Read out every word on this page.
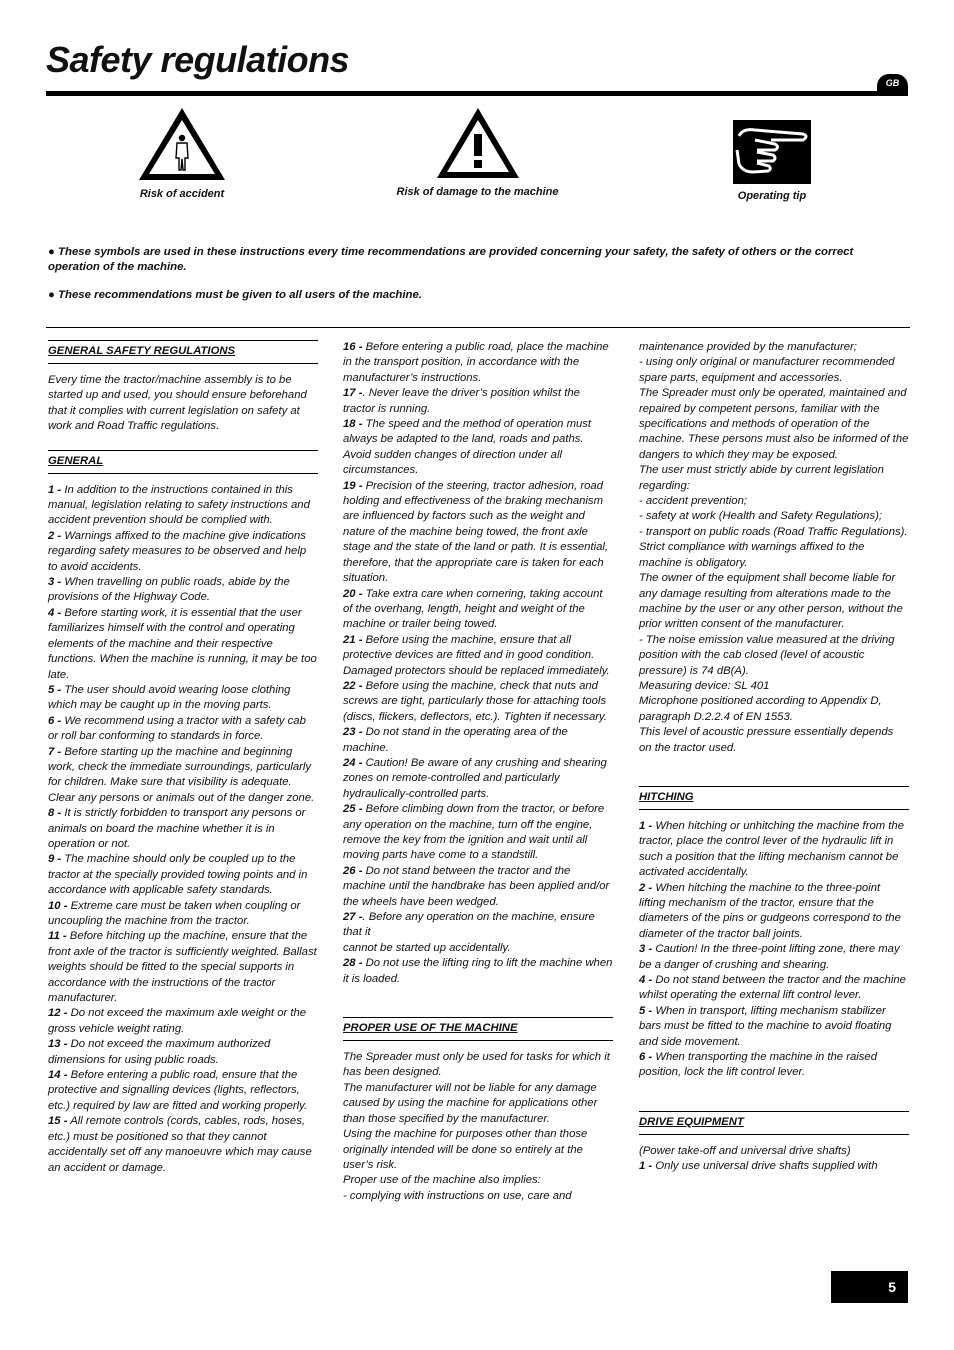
Safety regulations
GB
Risk of accident	Risk of damage to the machine	Operating tip

● These symbols are used in these instructions every time recommendations are provided concerning your safety, the safety of others or the correct operation of the machine.

● These recommendations must be given to all users of the machine.

GENERAL SAFETY REGULATIONS

Every time the tractor/machine assembly is to be started up and used, you should ensure beforehand that it complies with current legislation on safety at work and Road Traffic regulations.

GENERAL

1 - In addition to the instructions contained in this manual, legislation relating to safety instructions and accident prevention should be complied with.

2 - Warnings affixed to the machine give indications regarding safety measures to be observed and help to avoid accidents.

3 - When travelling on public roads, abide by the provisions of the Highway Code.

4 - Before starting work, it is essential that the user familiarizes himself with the control and operating elements of the machine and their respective functions. When the machine is running, it may be too late.

5 - The user should avoid wearing loose clothing which may be caught up in the moving parts.

6 - We recommend using a tractor with a safety cab or roll bar conforming to standards in force.

7 - Before starting up the machine and beginning work, check the immediate surroundings, particularly for children. Make sure that visibility is adequate. Clear any persons or animals out of the danger zone.

8 - It is strictly forbidden to transport any persons or animals on board the machine whether it is in operation or not.

9 - The machine should only be coupled up to the tractor at the specially provided towing points and in accordance with applicable safety standards.

10 - Extreme care must be taken when coupling or uncoupling the machine from the tractor.

11 - Before hitching up the machine, ensure that the front axle of the tractor is sufficiently weighted. Ballast weights should be fitted to the special supports in accordance with the instructions of the tractor manufacturer.

12 - Do not exceed the maximum axle weight or the gross vehicle weight rating.

13 - Do not exceed the maximum authorized dimensions for using public roads.

14 - Before entering a public road, ensure that the protective and signalling devices (lights, reflectors, etc.) required by law are fitted and working properly.

15 - All remote controls (cords, cables, rods, hoses, etc.) must be positioned so that they cannot accidentally set off any manoeuvre which may cause an accident or damage.

16 - Before entering a public road, place the machine in the transport position, in accordance with the manufacturer’s instructions.

17 -. Never leave the driver’s position whilst the tractor is running.

18 - The speed and the method of operation must always be adapted to the land, roads and paths. Avoid sudden changes of direction under all circumstances.

19 - Precision of the steering, tractor adhesion, road holding and effectiveness of the braking mechanism are influenced by factors such as the weight and nature of the machine being towed, the front axle stage and the state of the land or path. It is essential, therefore, that the appropriate care is taken for each situation.

20 - Take extra care when cornering, taking account of the overhang, length, height and weight of the machine or trailer being towed.

21 - Before using the machine, ensure that all protective devices are fitted and in good condition. Damaged protectors should be replaced immediately.

22 - Before using the machine, check that nuts and screws are tight, particularly those for attaching tools (discs, flickers, deflectors, etc.). Tighten if necessary.

23 - Do not stand in the operating area of the machine.

24 - Caution! Be aware of any crushing and shearing zones on remote-controlled and particularly hydraulically-controlled parts.

25 - Before climbing down from the tractor, or before any operation on the machine, turn off the engine, remove the key from the ignition and wait until all moving parts have come to a standstill.

26 - Do not stand between the tractor and the machine until the handbrake has been applied and/or the wheels have been wedged.

27 -. Before any operation on the machine, ensure that it

cannot be started up accidentally.

28 - Do not use the lifting ring to lift the machine when it is loaded.

PROPER USE OF THE MACHINE

The Spreader must only be used for tasks for which it has been designed.

The manufacturer will not be liable for any damage caused by using the machine for applications other than those specified by the manufacturer.

Using the machine for purposes other than those originally intended will be done so entirely at the user’s risk.

Proper use of the machine also implies:

- complying with instructions on use, care and

maintenance provided by the manufacturer;

- using only original or manufacturer recommended spare parts, equipment and accessories.

The Spreader must only be operated, maintained and repaired by competent persons, familiar with the specifications and methods of operation of the machine. These persons must also be informed of the dangers to which they may be exposed.

The user must strictly abide by current legislation regarding:

- accident prevention;

- safety at work (Health and Safety Regulations);

- transport on public roads (Road Traffic Regulations).

Strict compliance with warnings affixed to the machine is obligatory.

The owner of the equipment shall become liable for any damage resulting from alterations made to the machine by the user or any other person, without the prior written consent of the manufacturer.

- The noise emission value measured at the driving position with the cab closed (level of acoustic pressure) is 74 dB(A).

Measuring device: SL 401

Microphone positioned according to Appendix D, paragraph D.2.2.4 of EN 1553.

This level of acoustic pressure essentially depends on the tractor used.

HITCHING

1 - When hitching or unhitching the machine from the tractor, place the control lever of the hydraulic lift in such a position that the lifting mechanism cannot be activated accidentally.

2 - When hitching the machine to the three-point lifting mechanism of the tractor, ensure that the diameters of the pins or gudgeons correspond to the diameter of the tractor ball joints.

3 - Caution! In the three-point lifting zone, there may be a danger of crushing and shearing.

4 - Do not stand between the tractor and the machine whilst operating the external lift control lever.

5 - When in transport, lifting mechanism stabilizer bars must be fitted to the machine to avoid floating and side movement.

6 - When transporting the machine in the raised position, lock the lift control lever.

DRIVE EQUIPMENT

(Power take-off and universal drive shafts)

1 - Only use universal drive shafts supplied with

5
